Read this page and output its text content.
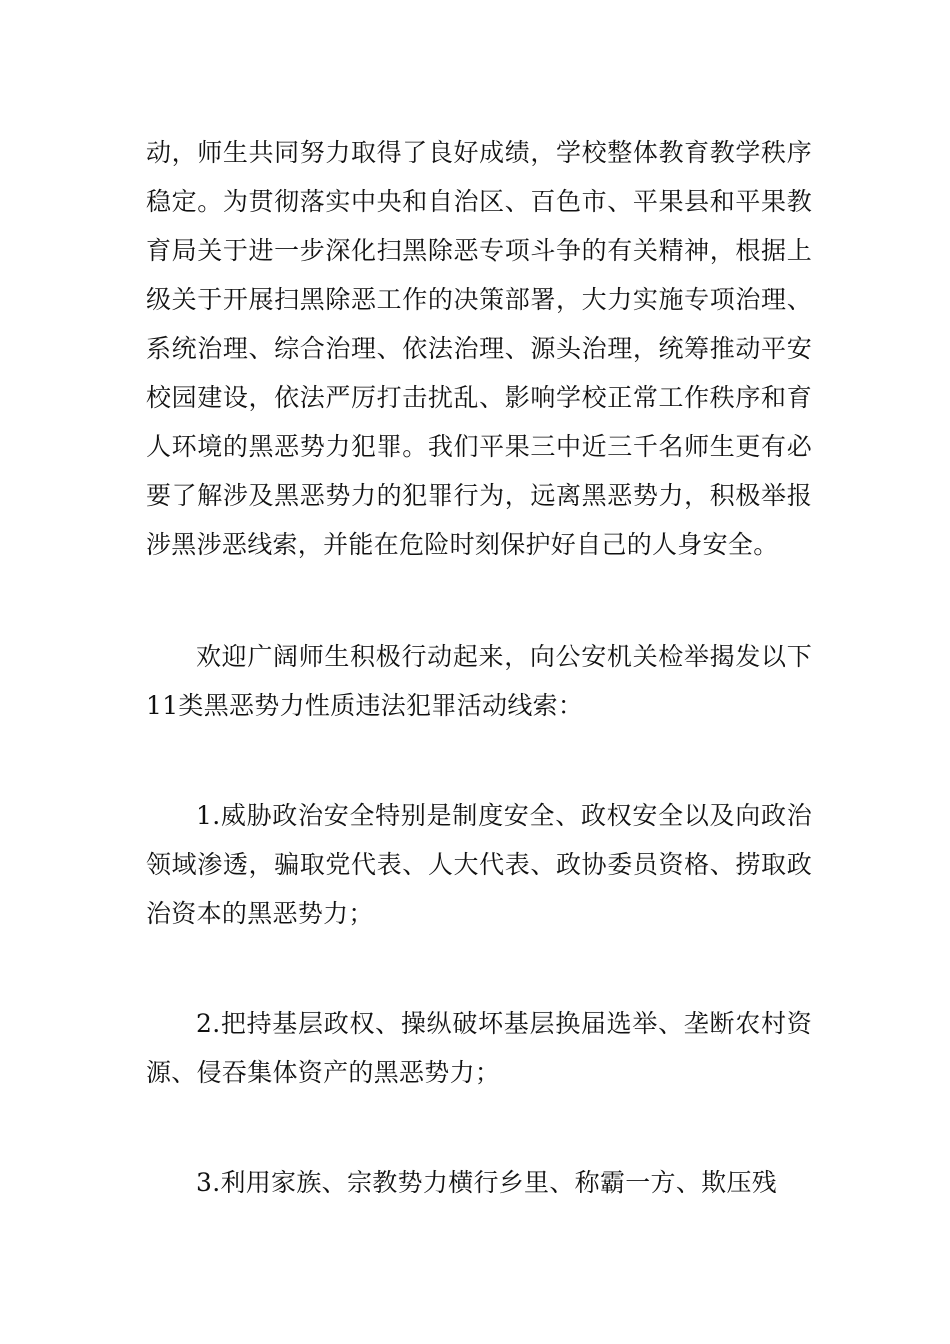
动，师生共同努力取得了良好成绩，学校整体教育教学秩序稳定。为贯彻落实中央和自治区、百色市、平果县和平果教育局关于进一步深化扫黑除恶专项斗争的有关精神，根据上级关于开展扫黑除恶工作的决策部署，大力实施专项治理、系统治理、综合治理、依法治理、源头治理，统筹推动平安校园建设，依法严厉打击扰乱、影响学校正常工作秩序和育人环境的黑恶势力犯罪。我们平果三中近三千名师生更有必要了解涉及黑恶势力的犯罪行为，远离黑恶势力，积极举报涉黑涉恶线索，并能在危险时刻保护好自己的人身安全。

欢迎广阔师生积极行动起来，向公安机关检举揭发以下11类黑恶势力性质违法犯罪活动线索：

1.威胁政治安全特别是制度安全、政权安全以及向政治领域渗透，骗取党代表、人大代表、政协委员资格、捞取政治资本的黑恶势力；

2.把持基层政权、操纵破坏基层换届选举、垄断农村资源、侵吞集体资产的黑恶势力；

3.利用家族、宗教势力横行乡里、称霸一方、欺压残
